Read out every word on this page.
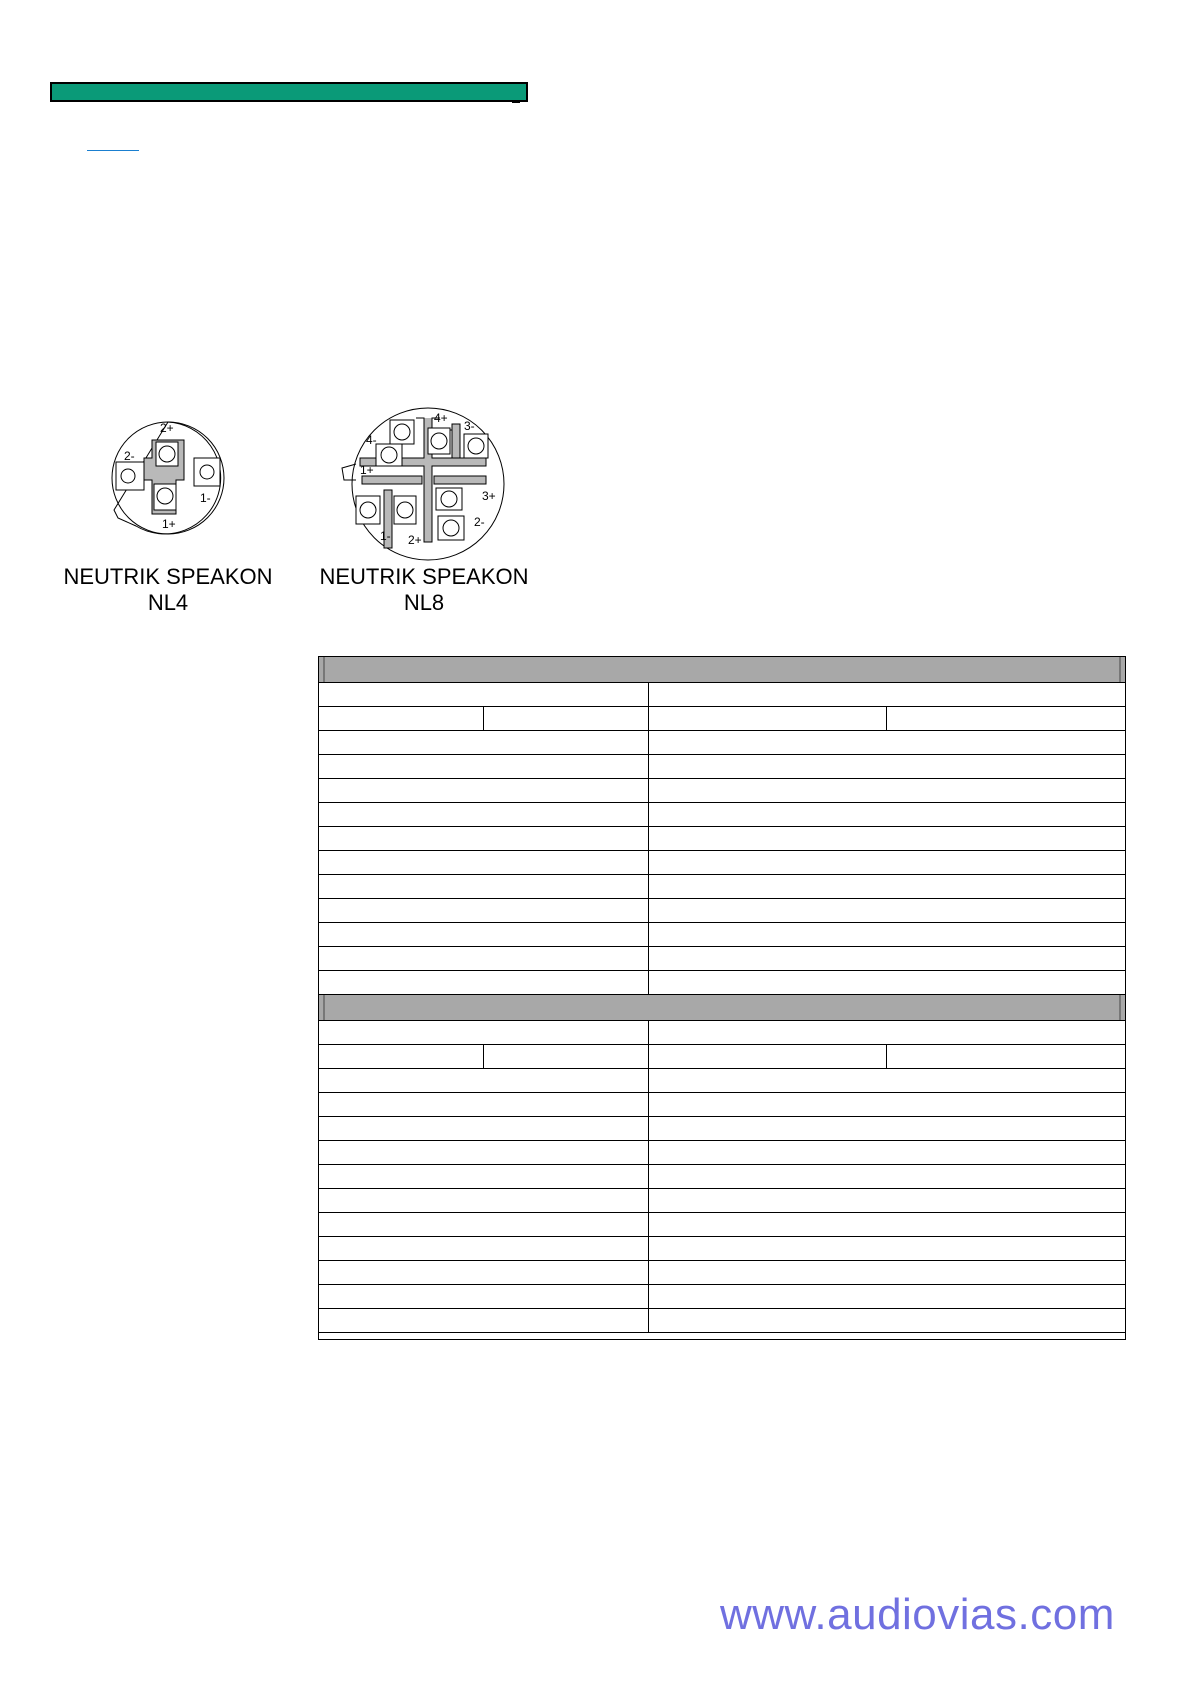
2+
2-
1-
1+
4+
3-
4-
1+
3+
2-
1- 2+
NEUTRIK SPEAKON
NL4
NEUTRIK SPEAKON
NL8
www.audiovias.com
